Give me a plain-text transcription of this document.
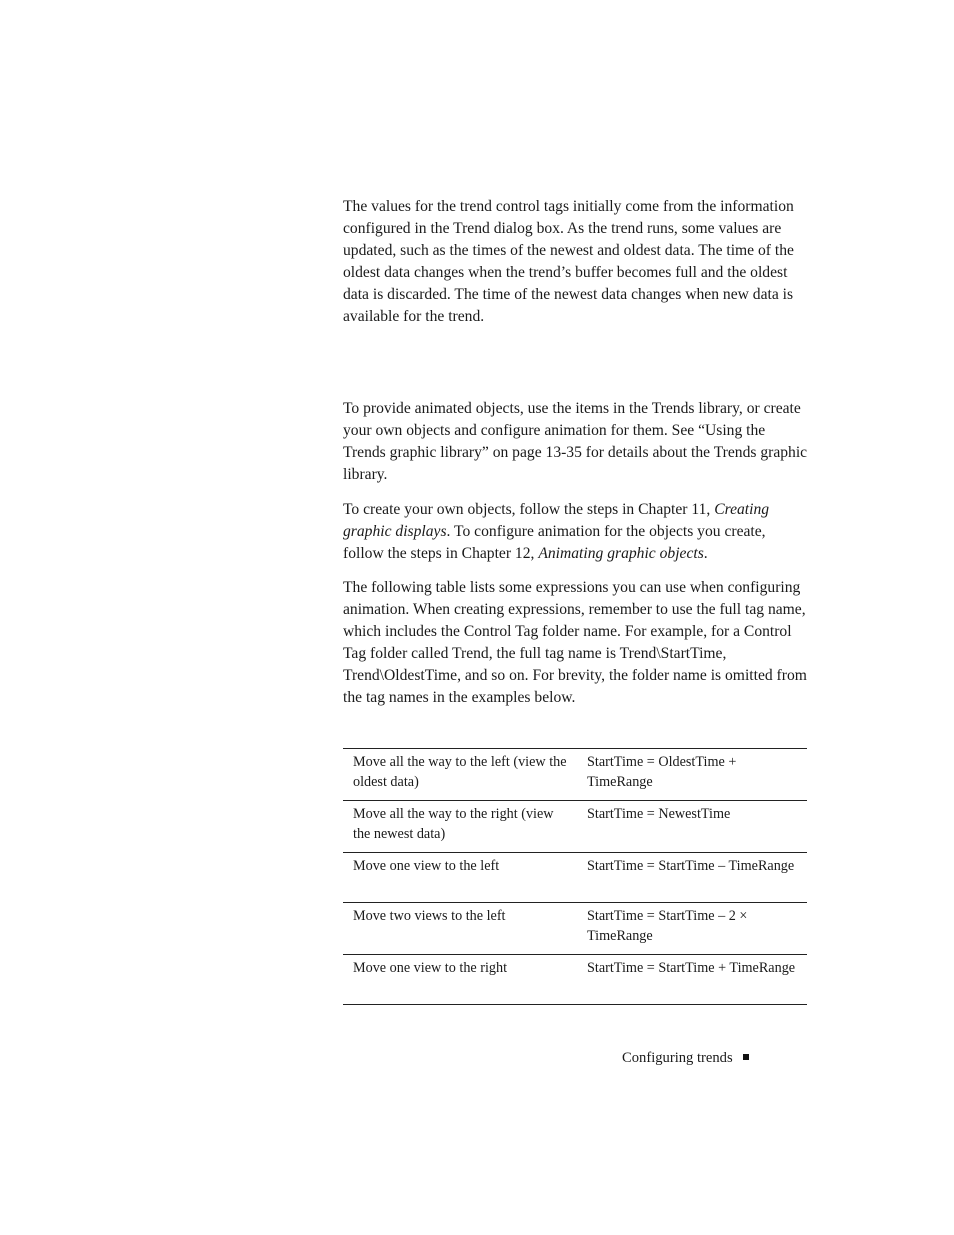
The values for the trend control tags initially come from the information configured in the Trend dialog box. As the trend runs, some values are updated, such as the times of the newest and oldest data. The time of the oldest data changes when the trend’s buffer becomes full and the oldest data is discarded. The time of the newest data changes when new data is available for the trend.

To provide animated objects, use the items in the Trends library, or create your own objects and configure animation for them. See “Using the Trends graphic library” on page 13-35 for details about the Trends graphic library.

To create your own objects, follow the steps in Chapter 11, Creating graphic displays. To configure animation for the objects you create, follow the steps in Chapter 12, Animating graphic objects.

The following table lists some expressions you can use when configuring animation. When creating expressions, remember to use the full tag name, which includes the Control Tag folder name. For example, for a Control Tag folder called Trend, the full tag name is Trend\StartTime, Trend\OldestTime, and so on. For brevity, the folder name is omitted from the tag names in the examples below.

Move all the way to the left (view the oldest data)	StartTime = OldestTime + TimeRange
Move all the way to the right (view the newest data)	StartTime = NewestTime
Move one view to the left	StartTime = StartTime – TimeRange
Move two views to the left	StartTime = StartTime – 2 × TimeRange
Move one view to the right	StartTime = StartTime + TimeRange
Configuring trends
